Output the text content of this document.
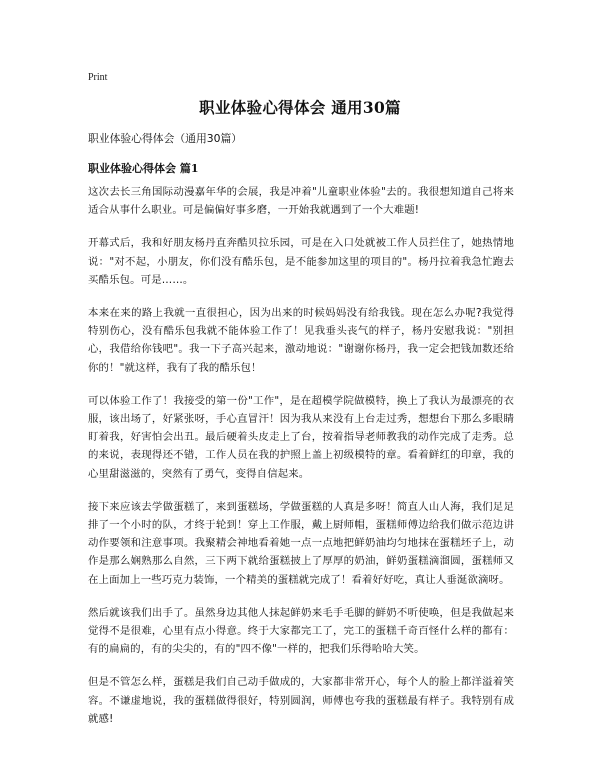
Print
职业体验心得体会 通用30篇
职业体验心得体会（通用30篇）
职业体验心得体会 篇1

这次去长三角国际动漫嘉年华的会展，我是冲着"儿童职业体验"去的。我很想知道自己将来适合从事什么职业。可是偏偏好事多磨，一开始我就遇到了一个大难题!

开幕式后，我和好朋友杨丹直奔酷贝拉乐园，可是在入口处就被工作人员拦住了，她热情地说："对不起，小朋友，你们没有酷乐包，是不能参加这里的项目的"。杨丹拉着我急忙跑去买酷乐包。可是……。

本来在来的路上我就一直很担心，因为出来的时候妈妈没有给我钱。现在怎么办呢?我觉得特别伤心，没有酷乐包我就不能体验工作了！见我垂头丧气的样子，杨丹安慰我说："别担心，我借给你钱吧"。我一下子高兴起来，激动地说："谢谢你杨丹，我一定会把钱加数还给你的！"就这样，我有了我的酷乐包！

可以体验工作了！我接受的第一份"工作"，是在超模学院做模特，换上了我认为最漂亮的衣服，该出场了，好紧张呀，手心直冒汗！因为我从来没有上台走过秀，想想台下那么多眼睛盯着我，好害怕会出丑。最后硬着头皮走上了台，按着指导老师教我的动作完成了走秀。总的来说，表现得还不错，工作人员在我的护照上盖上初级模特的章。看着鲜红的印章，我的心里甜滋滋的，突然有了勇气，变得自信起来。

接下来应该去学做蛋糕了，来到蛋糕场，学做蛋糕的人真是多呀！简直人山人海，我们足足排了一个小时的队，才终于轮到！穿上工作服，戴上厨师帽，蛋糕师傅边给我们做示范边讲动作要领和注意事项。我聚精会神地看着她一点一点地把鲜奶油均匀地抹在蛋糕坯子上，动作是那么娴熟那么自然，三下两下就给蛋糕披上了厚厚的奶油，鲜奶蛋糕滴溜圆，蛋糕师又在上面加上一些巧克力装饰，一个精美的蛋糕就完成了！看着好好吃，真让人垂涎欲滴呀。

然后就该我们出手了。虽然身边其他人抹起鲜奶来毛手毛脚的鲜奶不听使唤，但是我做起来觉得不是很难，心里有点小得意。终于大家都完工了，完工的蛋糕千奇百怪什么样的都有：有的扁扁的，有的尖尖的，有的"四不像"一样的，把我们乐得哈哈大笑。

但是不管怎么样，蛋糕是我们自己动手做成的，大家都非常开心，每个人的脸上都洋溢着笑容。不谦虚地说，我的蛋糕做得很好，特别圆润，师傅也夸我的蛋糕最有样子。我特别有成就感!
